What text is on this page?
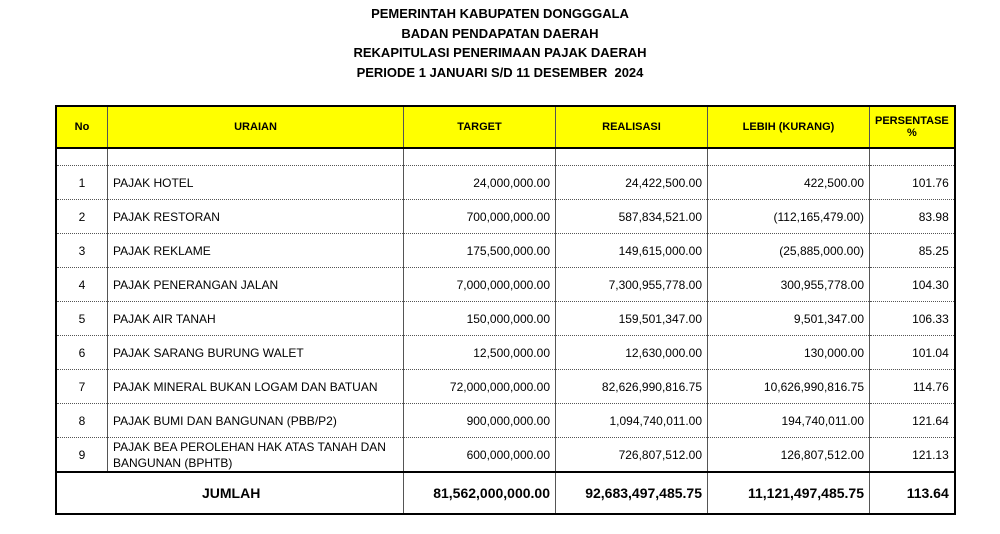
PEMERINTAH KABUPATEN DONGGGALA
BADAN PENDAPATAN DAERAH
REKAPITULASI PENERIMAAN PAJAK DAERAH
PERIODE 1 JANUARI S/D 11 DESEMBER  2024
No	URAIAN	TARGET	REALISASI	LEBIH (KURANG)	PERSENTASE
%

1	PAJAK HOTEL	24,000,000.00	24,422,500.00	422,500.00	101.76
2	PAJAK RESTORAN	700,000,000.00	587,834,521.00	(112,165,479.00)	83.98
3	PAJAK REKLAME	175,500,000.00	149,615,000.00	(25,885,000.00)	85.25
4	PAJAK PENERANGAN JALAN	7,000,000,000.00	7,300,955,778.00	300,955,778.00	104.30
5	PAJAK AIR TANAH	150,000,000.00	159,501,347.00	9,501,347.00	106.33
6	PAJAK SARANG BURUNG WALET	12,500,000.00	12,630,000.00	130,000.00	101.04
7	PAJAK MINERAL BUKAN LOGAM DAN BATUAN	72,000,000,000.00	82,626,990,816.75	10,626,990,816.75	114.76
8	PAJAK BUMI DAN BANGUNAN (PBB/P2)	900,000,000.00	1,094,740,011.00	194,740,011.00	121.64
9	PAJAK BEA PEROLEHAN HAK ATAS TANAH DAN BANGUNAN (BPHTB)	600,000,000.00	726,807,512.00	126,807,512.00	121.13
JUMLAH		81,562,000,000.00	92,683,497,485.75	11,121,497,485.75	113.64
